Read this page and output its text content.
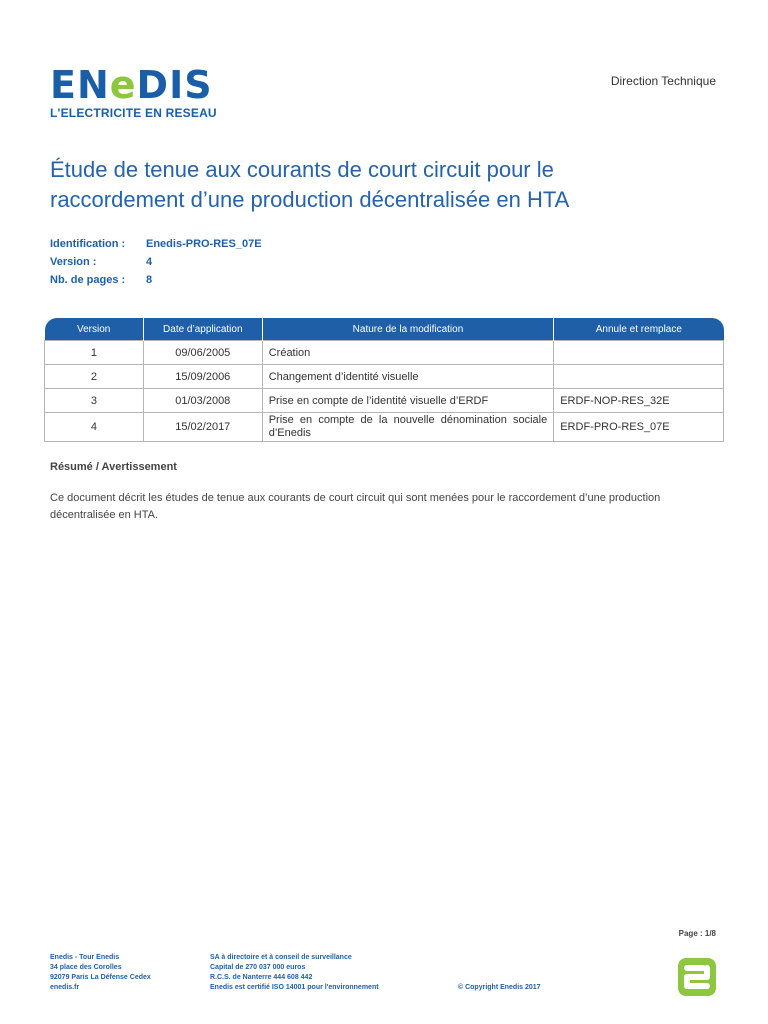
ENeDIS
L'ELECTRICITE EN RESEAU
Direction Technique
Étude de tenue aux courants de court circuit pour le raccordement d’une production décentralisée en HTA
Identification : Enedis-PRO-RES_07E
Version :	4
Nb. de pages : 8
Version	Date d’application	Nature de la modification	Annule et remplace
1	09/06/2005	Création	
2	15/09/2006	Changement d’identité visuelle	
3	01/03/2008	Prise en compte de l’identité visuelle d’ERDF	ERDF-NOP-RES_32E
4	15/02/2017	Prise en compte de la nouvelle dénomination sociale d’Enedis	ERDF-PRO-RES_07E
Résumé / Avertissement
Ce document décrit les études de tenue aux courants de court circuit qui sont menées pour le raccordement d’une production décentralisée en HTA.
Page : 1/8
Enedis - Tour Enedis
34 place des Corolles
92079 Paris La Défense Cedex
enedis.fr
SA à directoire et à conseil de surveillance
Capital de 270 037 000 euros
R.C.S. de Nanterre 444 608 442
Enedis est certifié ISO 14001 pour l'environnement	© Copyright Enedis 2017
